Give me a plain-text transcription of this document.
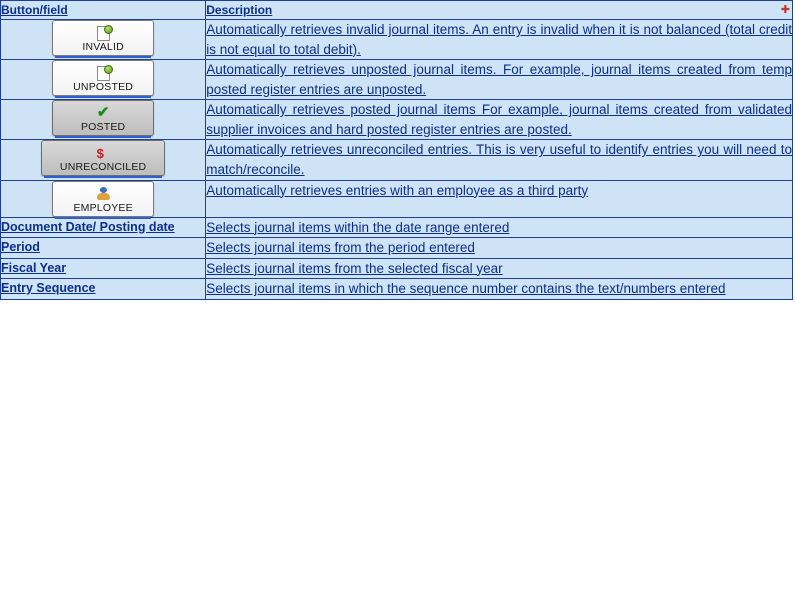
Button/field	Description ✚

INVALID	Automatically retrieves invalid journal items. An entry is invalid when it is not balanced (total credit is not equal to total debit).

UNPOSTED	Automatically retrieves unposted journal items. For example, journal items created from temp posted register entries are unposted.

✔
POSTED	Automatically retrieves posted journal items For example, journal items created from validated supplier invoices and hard posted register entries are posted.

$
UNRECONCILED	Automatically retrieves unreconciled entries. This is very useful to identify entries you will need to match/reconcile.

EMPLOYEE	Automatically retrieves entries with an employee as a third party

Document Date/ Posting date	Selects journal items within the date range entered

Period	Selects journal items from the period entered

Fiscal Year	Selects journal items from the selected fiscal year

Entry Sequence	Selects journal items in which the sequence number contains the text/numbers entered
